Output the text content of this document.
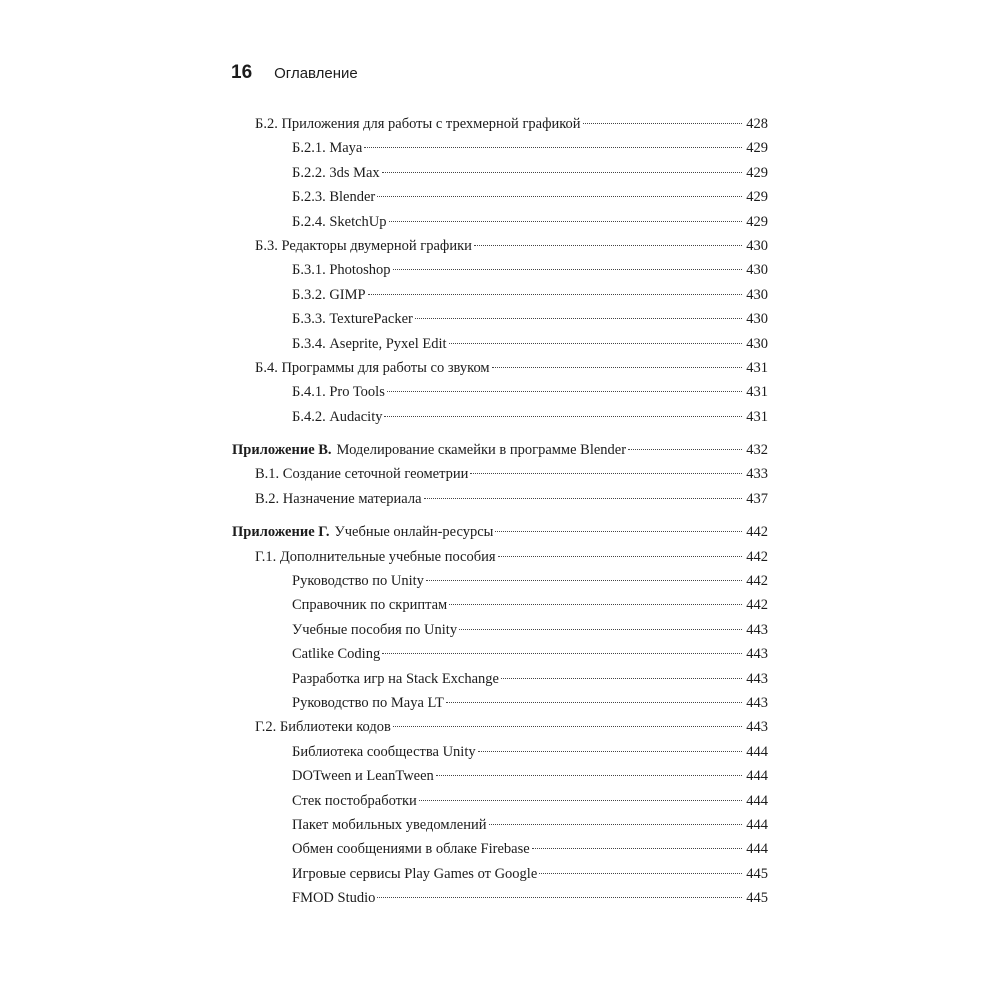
16 Оглавление
Б.2. Приложения для работы с трехмерной графикой	428
Б.2.1. Maya	429
Б.2.2. 3ds Max	429
Б.2.3. Blender	429
Б.2.4. SketchUp	429
Б.3. Редакторы двумерной графики	430
Б.3.1. Photoshop	430
Б.3.2. GIMP	430
Б.3.3. TexturePacker	430
Б.3.4. Aseprite, Pyxel Edit	430
Б.4. Программы для работы со звуком	431
Б.4.1. Pro Tools	431
Б.4.2. Audacity	431
Приложение В. Моделирование скамейки в программе Blender	432
В.1. Создание сеточной геометрии	433
В.2. Назначение материала	437
Приложение Г. Учебные онлайн-ресурсы	442
Г.1. Дополнительные учебные пособия	442
Руководство по Unity	442
Справочник по скриптам	442
Учебные пособия по Unity	443
Catlike Coding	443
Разработка игр на Stack Exchange	443
Руководство по Maya LT	443
Г.2. Библиотеки кодов	443
Библиотека сообщества Unity	444
DOTween и LeanTween	444
Стек постобработки	444
Пакет мобильных уведомлений	444
Обмен сообщениями в облаке Firebase	444
Игровые сервисы Play Games от Google	445
FMOD Studio	445
